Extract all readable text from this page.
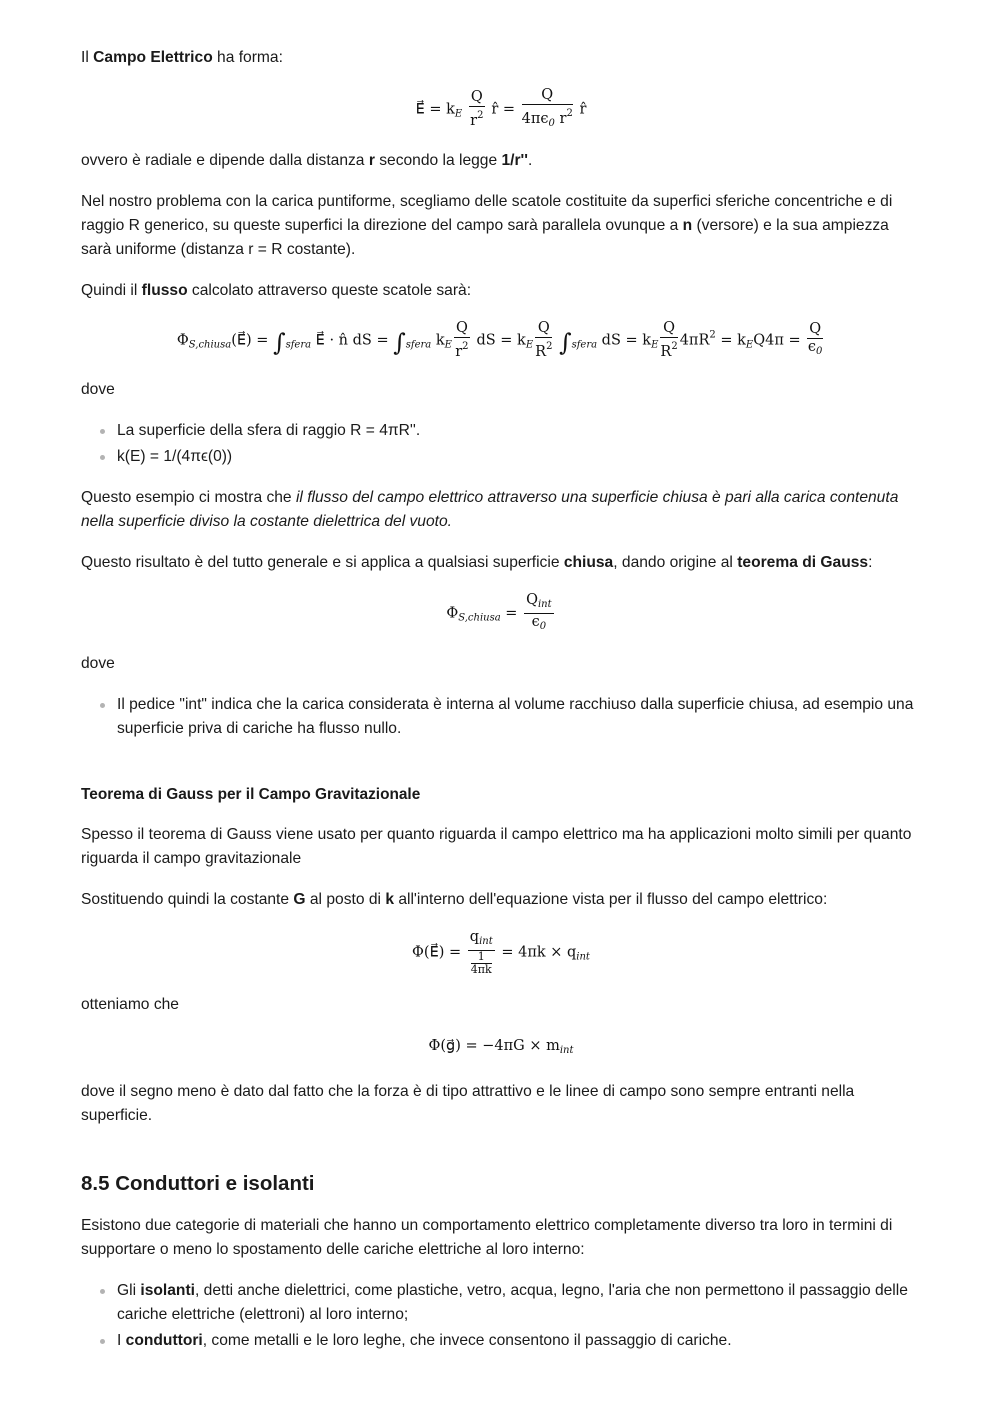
Il Campo Elettrico ha forma:

E⃗ = $k_E \frac{Q}{r^2}$ r̂ = $\frac{Q}{4\pi\epsilon_0 r^2}$ r̂

ovvero è radiale e dipende dalla distanza r secondo la legge 1/r''.

Nel nostro problema con la carica puntiforme, scegliamo delle scatole costituite da superfici sferiche concentriche e di raggio R generico, su queste superfici la direzione del campo sarà parallela ovunque a n (versore) e la sua ampiezza sarà uniforme (distanza r = R costante).

Quindi il flusso calcolato attraverso queste scatole sarà:

$\Phi_{S,chiusa}(E⃗) = \int_{sfera}$ E⃗ · n̂ dS = $\int_{sfera}$ $k_E \frac{Q}{r^2}$ dS = $k_E \frac{Q}{R^2} \int_{sfera}$ dS = $k_E \frac{Q}{R^2} 4\pi R^2 = k_EQ4\pi = \frac{Q}{\epsilon_0}$

dove

La superficie della sfera di raggio R = 4πR''.
k(E) = 1/(4πϵ(0))

Questo esempio ci mostra che il flusso del campo elettrico attraverso una superficie chiusa è pari alla carica contenuta nella superficie diviso la costante dielettrica del vuoto.

Questo risultato è del tutto generale e si applica a qualsiasi superficie chiusa, dando origine al teorema di Gauss:

$\Phi_{S,chiusa} = \frac{Q_{int}}{\epsilon_0}$

dove

Il pedice "int" indica che la carica considerata è interna al volume racchiuso dalla superficie chiusa, ad esempio una superficie priva di cariche ha flusso nullo.
Teorema di Gauss per il Campo Gravitazionale

Spesso il teorema di Gauss viene usato per quanto riguarda il campo elettrico ma ha applicazioni molto simili per quanto riguarda il campo gravitazionale

Sostituendo quindi la costante G al posto di k all'interno dell'equazione vista per il flusso del campo elettrico:

Φ(E⃗) = $\frac{q_{int}}{\frac{1}{4\pi k}} = 4\pi k \times q_{int}$

otteniamo che

Φ(g⃗) = $-4\pi G \times m_{int}$

dove il segno meno è dato dal fatto che la forza è di tipo attrattivo e le linee di campo sono sempre entranti nella superficie.

8.5 Conduttori e isolanti

Esistono due categorie di materiali che hanno un comportamento elettrico completamente diverso tra loro in termini di supportare o meno lo spostamento delle cariche elettriche al loro interno:

Gli isolanti, detti anche dielettrici, come plastiche, vetro, acqua, legno, l'aria che non permettono il passaggio delle cariche elettriche (elettroni) al loro interno;
I conduttori, come metalli e le loro leghe, che invece consentono il passaggio di cariche.
